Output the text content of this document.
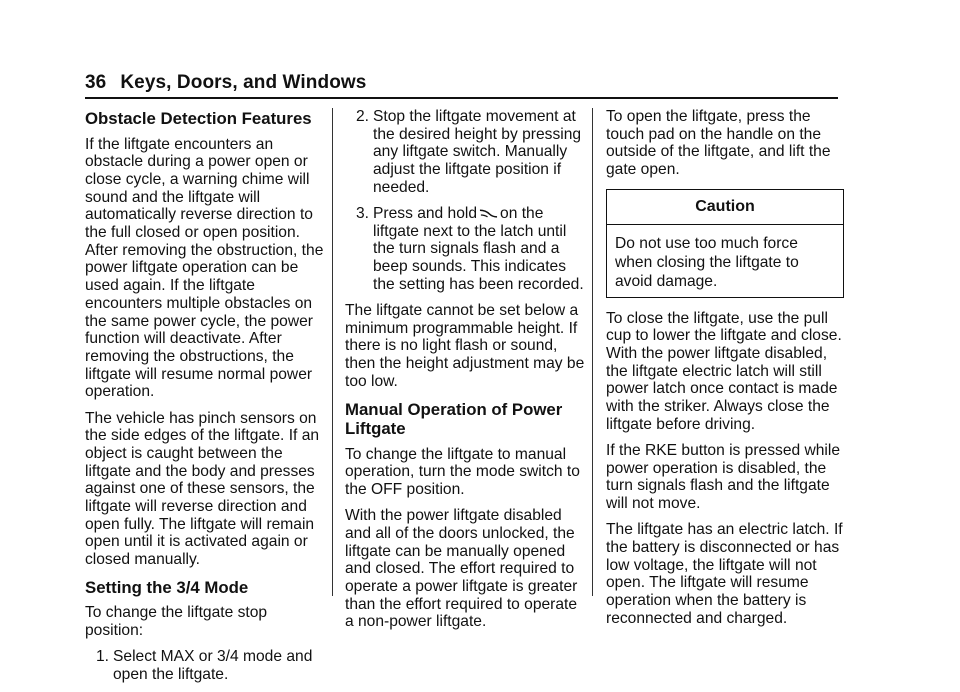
36 Keys, Doors, and Windows
Obstacle Detection Features

If the liftgate encounters an obstacle during a power open or close cycle, a warning chime will sound and the liftgate will automatically reverse direction to the full closed or open position. After removing the obstruction, the power liftgate operation can be used again. If the liftgate encounters multiple obstacles on the same power cycle, the power function will deactivate. After removing the obstructions, the liftgate will resume normal power operation.

The vehicle has pinch sensors on the side edges of the liftgate. If an object is caught between the liftgate and the body and presses against one of these sensors, the liftgate will reverse direction and open fully. The liftgate will remain open until it is activated again or closed manually.

Setting the 3/4 Mode

To change the liftgate stop position:

1. Select MAX or 3/4 mode and open the liftgate.
2. Stop the liftgate movement at the desired height by pressing any liftgate switch. Manually adjust the liftgate position if needed.
3. Press and hold on the liftgate next to the latch until the turn signals flash and a beep sounds. This indicates the setting has been recorded.

The liftgate cannot be set below a minimum programmable height. If there is no light flash or sound, then the height adjustment may be too low.

Manual Operation of Power Liftgate

To change the liftgate to manual operation, turn the mode switch to the OFF position.

With the power liftgate disabled and all of the doors unlocked, the liftgate can be manually opened and closed. The effort required to operate a power liftgate is greater than the effort required to operate a non-power liftgate.

To open the liftgate, press the touch pad on the handle on the outside of the liftgate, and lift the gate open.

Caution

Do not use too much force when closing the liftgate to avoid damage.

To close the liftgate, use the pull cup to lower the liftgate and close. With the power liftgate disabled, the liftgate electric latch will still power latch once contact is made with the striker. Always close the liftgate before driving.

If the RKE button is pressed while power operation is disabled, the turn signals flash and the liftgate will not move.

The liftgate has an electric latch. If the battery is disconnected or has low voltage, the liftgate will not open. The liftgate will resume operation when the battery is reconnected and charged.
